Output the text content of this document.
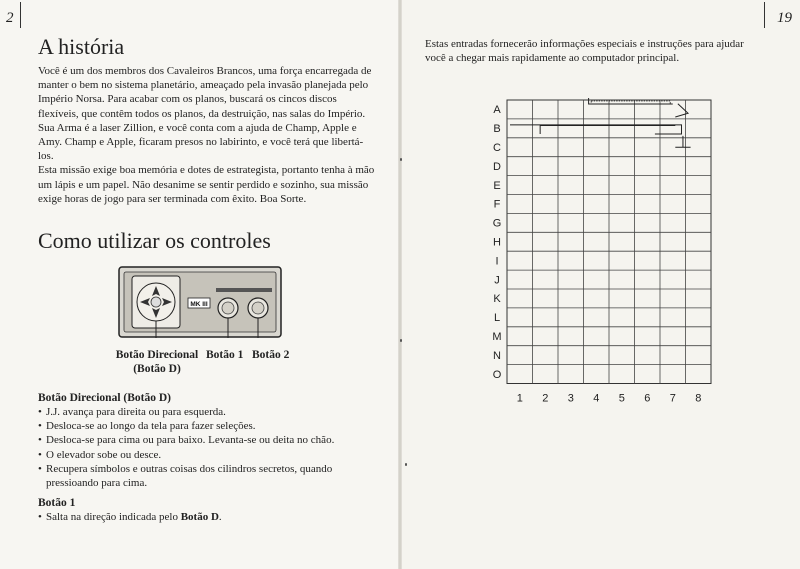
2	19
A história

Você é um dos membros dos Cavaleiros Brancos, uma força encarregada de manter o bem no sistema planetário, ameaçado pela invasão planejada pelo Império Norsa. Para acabar com os planos, buscará os cincos discos flexíveis, que contêm todos os planos, da destruição, nas salas do Império.

Sua Arma é a laser Zillion, e você conta com a ajuda de Champ, Apple e Amy. Champ e Apple, ficaram presos no labirinto, e você terá que libertá-los.

Esta missão exige boa memória e dotes de estrategista, portanto tenha à mão um lápis e um papel. Não desanime se sentir perdido e sozinho, sua missão exige horas de jogo para ser terminada com êxito. Boa Sorte.

Como utilizar os controles
MK III
Botão Direcional
(Botão D)
Botão 1 Botão 2
Botão Direcional (Botão D)
• J.J. avança para direita ou para esquerda.
• Desloca-se ao longo da tela para fazer seleções.
• Desloca-se para cima ou para baixo. Levanta-se ou deita no chão.
• O elevador sobe ou desce.
• Recupera símbolos e outras coisas dos cilindros secretos, quando pressioando para cima.
Botão 1
• Salta na direção indicada pelo Botão D.
Estas entradas fornecerão informações especiais e instruções para ajudar você a chegar mais rapidamente ao computador principal.
A
B
C
D
E
F
G
H
I
J
K
L
M
N
O
1 2 3 4 5 6 7 8
